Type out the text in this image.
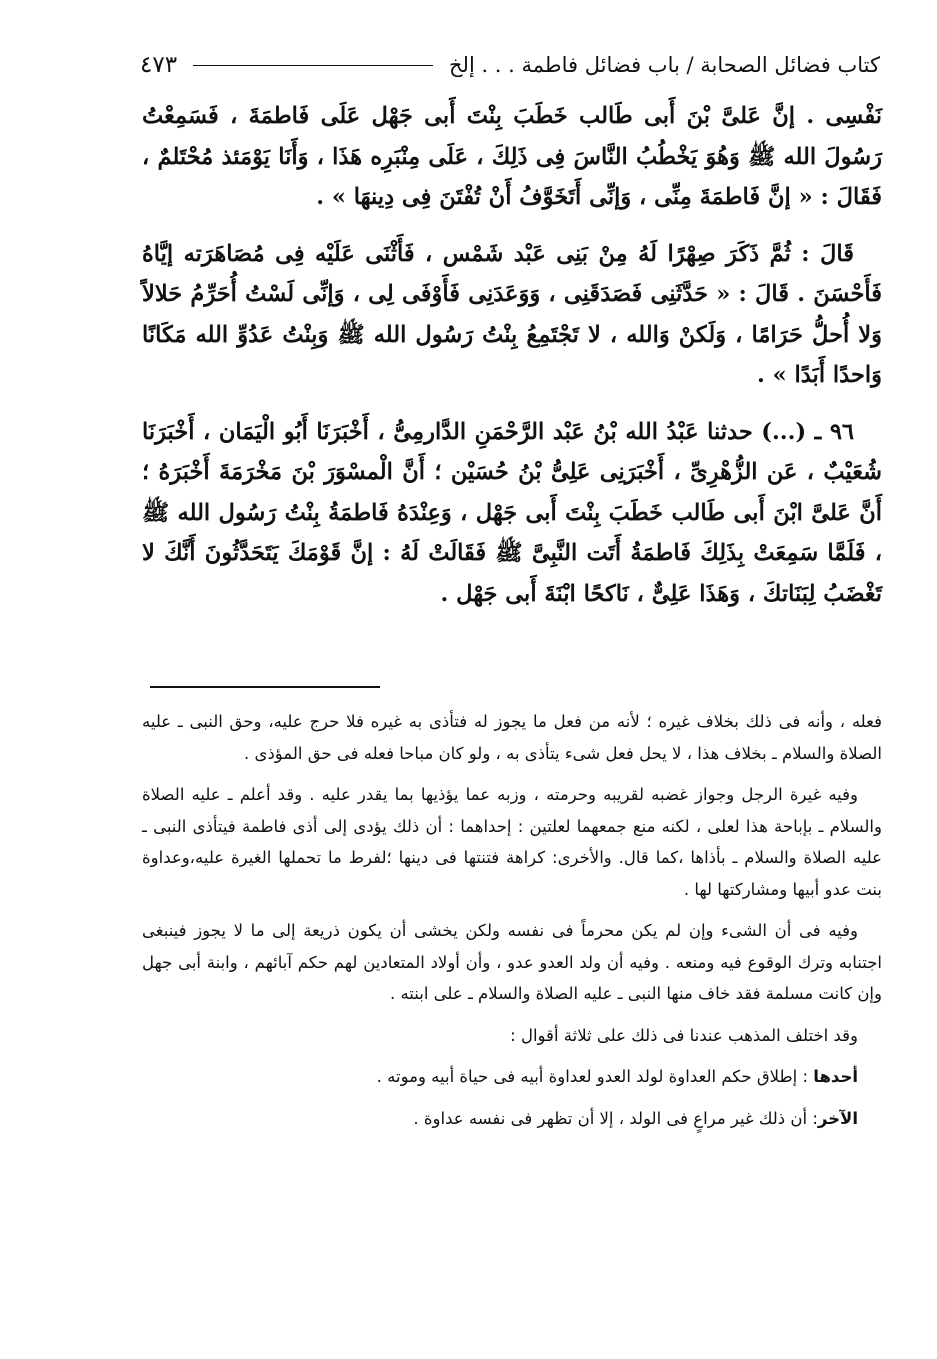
كتاب فضائل الصحابة / باب فضائل فاطمة . . . إلخ
٤٧٣

نَفْسِى . إنَّ عَلىَّ بْنَ أَبى طَالب خَطَبَ بِنْتَ أَبى جَهْل عَلَى فَاطمَةَ ، فَسَمِعْتُ رَسُولَ الله ﷺ وَهُوَ يَخْطُبُ النَّاسَ فِى ذَلِكَ ، عَلَى مِنْبَرِه هَذَا ، وَأَنَا يَوْمَئذ مُحْتَلمٌ ، فَقَالَ : « إنَّ فَاطمَةَ مِنِّى ، وَإنِّى أَتَخَوَّفُ أَنْ تُفْتَنَ فِى دِينهَا » .

قَالَ : ثُمَّ ذَكَرَ صِهْرًا لَهُ مِنْ بَنِى عَبْد شَمْس ، فَأَثْنَى عَلَيْه فِى مُصَاهَرَته إيَّاهُ فَأَحْسَنَ . قَالَ : « حَدَّثَنِى فَصَدَقَنِى ، وَوَعَدَنِى فَأَوْفَى لِى ، وَإنِّى لَسْتُ أُحَرِّمُ حَلالاً وَلا أُحلُّ حَرَامًا ، وَلَكنْ وَالله ، لا تَجْتَمِعُ بِنْتُ رَسُول الله ﷺ وَبِنْتُ عَدُوِّ الله مَكَانًا وَاحدًا أَبَدًا » .

٩٦ ـ (...) حدثنا عَبْدُ الله بْنُ عَبْد الرَّحْمَنِ الدَّارمِىُّ ، أَخْبَرَنَا أَبُو الْيَمَان ، أَخْبَرَنَا شُعَيْبٌ ، عَن الزُّهْرِىِّ ، أَخْبَرَنِى عَلِىُّ بْنُ حُسَيْن ؛ أَنَّ الْمسْوَرَ بْنَ مَخْرَمَةَ أَخْبَرَهُ ؛ أَنَّ عَلىَّ ابْنَ أَبى طَالب خَطَبَ بِنْتَ أَبى جَهْل ، وَعِنْدَهُ فَاطمَةُ بِنْتُ رَسُول الله ﷺ ، فَلَمَّا سَمِعَتْ بِذَلِكَ فَاطمَةُ أَتَت النَّبِىَّ ﷺ فَقَالَتْ لَهُ : إنَّ قَوْمَكَ يَتَحَدَّثُونَ أَنَّكَ لا تَغْضَبُ لِبَنَاتكَ ، وَهَذَا عَلِىٌّ ، نَاكحًا ابْنَةَ أَبى جَهْل .

فعله ، وأنه فى ذلك بخلاف غيره ؛ لأنه من فعل ما يجوز له فتأذى به غيره فلا حرج عليه، وحق النبى ـ عليه الصلاة والسلام ـ بخلاف هذا ، لا يحل فعل شىء يتأذى به ، ولو كان مباحا فعله فى حق المؤذى .

وفيه غيرة الرجل وجواز غضبه لقريبه وحرمته ، وزبه عما يؤذيها بما يقدر عليه . وقد أعلم ـ عليه الصلاة والسلام ـ بإباحة هذا لعلى ، لكنه منع جمعهما لعلتين : إحداهما : أن ذلك يؤدى إلى أذى فاطمة فيتأذى النبى ـ عليه الصلاة والسلام ـ بأذاها ،كما قال. والأخرى: كراهة فتنتها فى دينها ؛لفرط ما تحملها الغيرة عليه،وعداوة بنت عدو أبيها ومشاركتها لها .

وفيه فى أن الشىء وإن لم يكن محرماً فى نفسه ولكن يخشى أن يكون ذريعة إلى ما لا يجوز فينبغى اجتنابه وترك الوقوع فيه ومنعه . وفيه أن ولد العدو عدو ، وأن أولاد المتعادين لهم حكم آبائهم ، وابنة أبى جهل وإن كانت مسلمة فقد خاف منها النبى ـ عليه الصلاة والسلام ـ على ابنته .

وقد اختلف المذهب عندنا فى ذلك على ثلاثة أقوال :

أحدها : إطلاق حكم العداوة لولد العدو لعداوة أبيه فى حياة أبيه وموته .

الآخر: أن ذلك غير مراعٍ فى الولد ، إلا أن تظهر فى نفسه عداوة .
